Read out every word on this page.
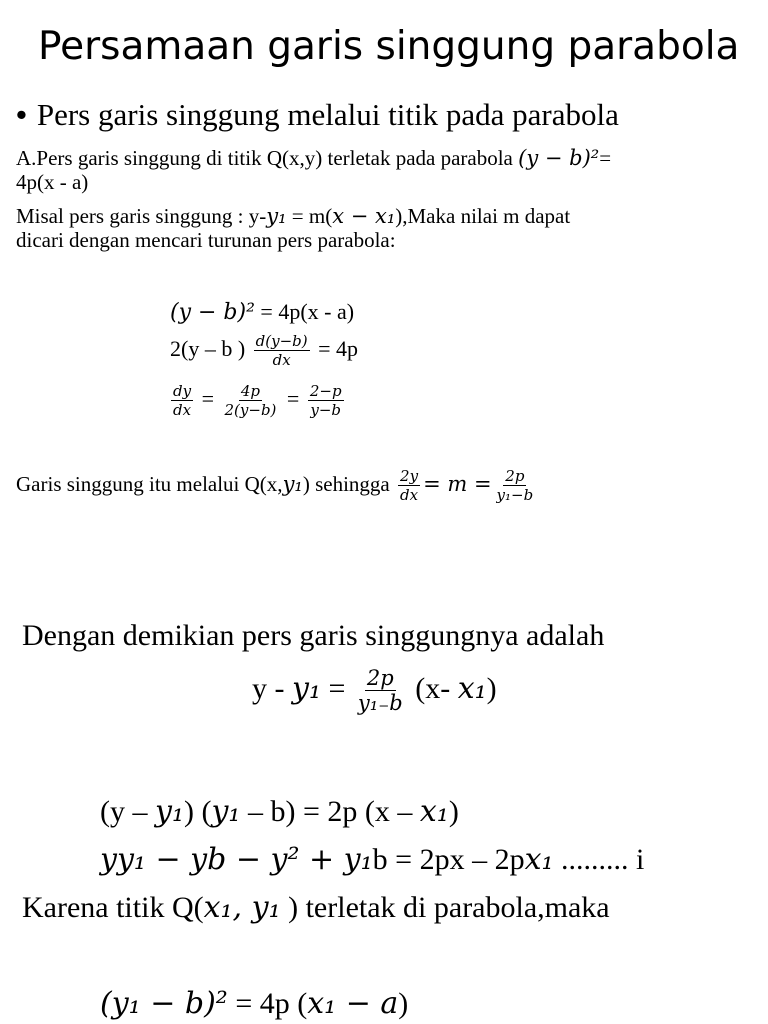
Persamaan garis singgung parabola
• Pers garis singgung melalui titik pada parabola
A.Pers garis singgung di titik Q(x,y) terletak pada parabola (y − b)²=
4p(x - a)
Misal pers garis singgung : y-y₁ = m(x − x₁),Maka nilai m dapat
dicari dengan mencari turunan pers parabola:
(y − b)² = 4p(x - a)
2(y – b ) $\frac{d(y-b)}{dx} = 4p$
$\frac{dy}{dx} = \frac{4p}{2(y-b)} = \frac{2-p}{y-b}$
Garis singgung itu melalui Q(x,y₁) sehingga $\frac{2y}{dx} = m = \frac{2p}{\text{y₁−b}}$
Dengan demikian pers garis singgungnya adalah
$y - y_1 = \frac{2p}{\text{y₁₋b}} (x-$ x₁)
(y – y₁) (y₁ – b) = 2p (x – x₁)
yy₁ − yb − y² + y₁b = 2px – 2px₁ ......... i
Karena titik Q(x₁, y₁ ) terletak di parabola,maka
(y₁ − b)² = 4p (x₁ − a)
